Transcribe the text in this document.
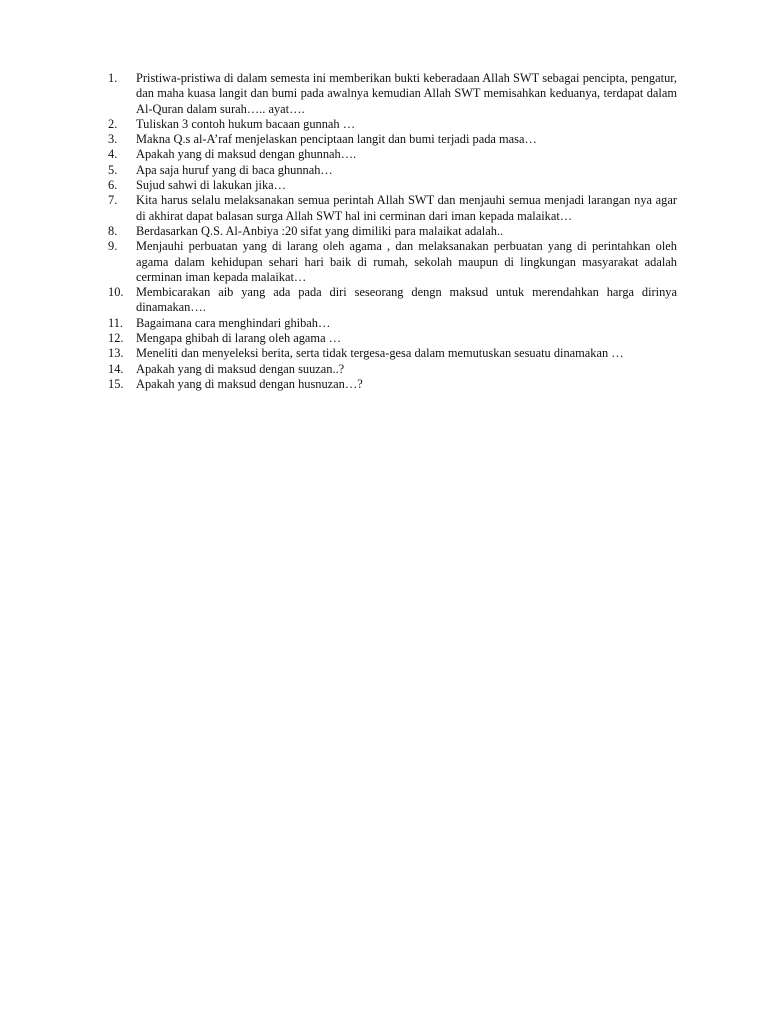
1.	Pristiwa-pristiwa di dalam semesta ini memberikan bukti keberadaan Allah SWT sebagai pencipta, pengatur, dan maha kuasa langit dan bumi pada awalnya kemudian Allah SWT memisahkan keduanya, terdapat dalam Al-Quran dalam surah….. ayat….
2.	Tuliskan 3 contoh hukum bacaan gunnah …
3.	Makna Q.s al-A’raf menjelaskan penciptaan langit dan bumi terjadi pada masa…
4.	Apakah yang di maksud dengan ghunnah….
5.	Apa saja huruf yang di baca ghunnah…
6.	Sujud sahwi di lakukan jika…
7.	Kita harus selalu melaksanakan semua perintah Allah SWT dan menjauhi semua menjadi larangan nya agar di akhirat dapat balasan surga Allah SWT hal ini cerminan dari iman kepada malaikat…
8.	Berdasarkan Q.S. Al-Anbiya :20 sifat yang dimiliki para malaikat adalah..
9.	Menjauhi perbuatan yang di larang oleh agama , dan melaksanakan perbuatan yang di perintahkan oleh agama dalam kehidupan sehari hari baik di rumah, sekolah maupun di lingkungan masyarakat adalah cerminan iman kepada malaikat…
10.	Membicarakan aib yang ada pada diri seseorang dengn maksud untuk merendahkan harga dirinya dinamakan….
11.	Bagaimana cara menghindari ghibah…
12.	Mengapa ghibah di larang oleh agama …
13.	Meneliti dan menyeleksi berita, serta tidak tergesa-gesa dalam memutuskan sesuatu dinamakan …
14.	Apakah yang di maksud dengan suuzan..?
15.	Apakah yang di maksud dengan husnuzan…?
